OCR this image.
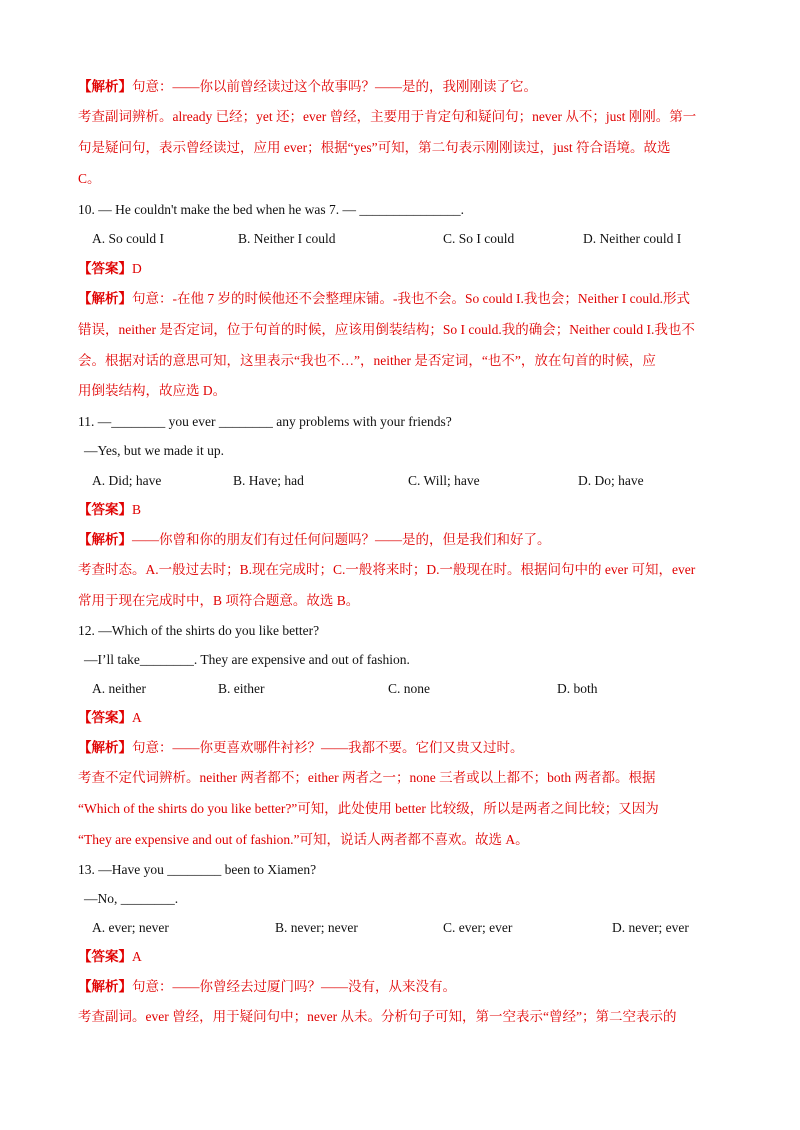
【解析】句意：——你以前曾经读过这个故事吗？——是的，我刚刚读了它。
考查副词辨析。already 已经；yet 还；ever 曾经，主要用于肯定句和疑问句；never 从不；just 刚刚。第一
句是疑问句，表示曾经读过，应用 ever；根据“yes”可知，第二句表示刚刚读过，just 符合语境。故选
C。
10. — He couldn't make the bed when he was 7. — _______________.
A. So could I	B. Neither I could	C. So I could	D. Neither could I
【答案】D
【解析】句意：-在他 7 岁的时候他还不会整理床铺。-我也不会。So could I.我也会；Neither I could.形式
错误，neither 是否定词，位于句首的时候，应该用倒装结构；So I could.我的确会；Neither could I.我也不
会。根据对话的意思可知，这里表示“我也不…”，neither 是否定词，“也不”，放在句首的时候，应
用倒装结构，故应选 D。
11. —________ you ever ________ any problems with your friends?
—Yes, but we made it up.
A. Did; have	B. Have; had	C. Will; have	D. Do; have
【答案】B
【解析】——你曾和你的朋友们有过任何问题吗？——是的，但是我们和好了。
考查时态。A.一般过去时；B.现在完成时；C.一般将来时；D.一般现在时。根据问句中的 ever 可知，ever
常用于现在完成时中，B 项符合题意。故选 B。
12. —Which of the shirts do you like better?
—I’ll take________. They are expensive and out of fashion.
A. neither	B. either	C. none	D. both
【答案】A
【解析】句意：——你更喜欢哪件衬衫？——我都不要。它们又贵又过时。
考查不定代词辨析。neither 两者都不；either 两者之一；none 三者或以上都不；both 两者都。根据
“Which of the shirts do you like better?”可知，此处使用 better 比较级，所以是两者之间比较；又因为
“They are expensive and out of fashion.”可知，说话人两者都不喜欢。故选 A。
13. —Have you ________ been to Xiamen?
—No, ________.
A. ever; never	B. never; never	C. ever; ever	D. never; ever
【答案】A
【解析】句意：——你曾经去过厦门吗？——没有，从来没有。
考查副词。ever 曾经，用于疑问句中；never 从未。分析句子可知，第一空表示“曾经”；第二空表示的
